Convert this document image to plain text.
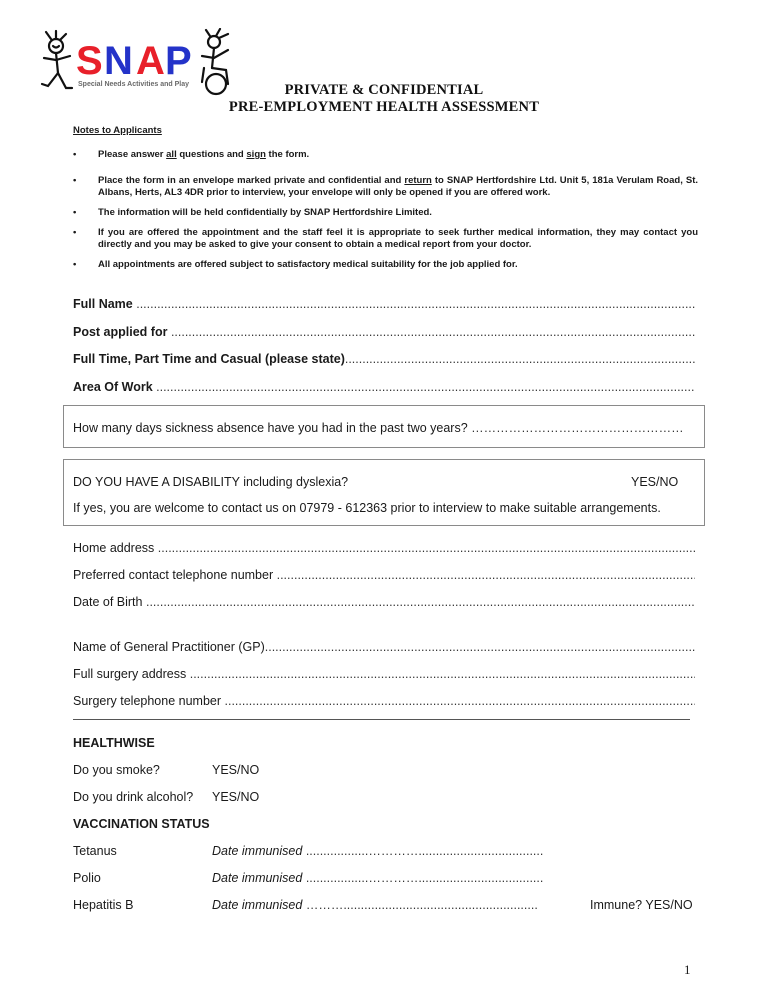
S N A P
Special Needs Activities and Play	PRIVATE & CONFIDENTIAL
PRE-EMPLOYMENT HEALTH ASSESSMENT
Notes to Applicants
• Please answer all questions and sign the form.
• Place the form in an envelope marked private and confidential and return to SNAP Hertfordshire Ltd. Unit 5, 181a Verulam Road, St. Albans, Herts, AL3 4DR prior to interview, your envelope will only be opened if you are offered work.
• The information will be held confidentially by SNAP Hertfordshire Limited.
• If you are offered the appointment and the staff feel it is appropriate to seek further medical information, they may contact you directly and you may be asked to give your consent to obtain a medical report from your doctor.
• All appointments are offered subject to satisfactory medical suitability for the job applied for.
Full Name .....
Post applied for .....
Full Time, Part Time and Casual (please state) .....
Area Of Work .....
How many days sickness absence have you had in the past two years? ……………………………………………
DO YOU HAVE A DISABILITY including dyslexia?	YES/NO
If yes, you are welcome to contact us on 07979 - 612363 prior to interview to make suitable arrangements.
Home address .....
Preferred contact telephone number .....
Date of Birth .....
Name of General Practitioner (GP) .....
Full surgery address .....
Surgery telephone number .....
HEALTHWISE
Do you smoke?	YES/NO
Do you drink alcohol? YES/NO
VACCINATION STATUS
Tetanus	Date immunised ..................…………....................................
Polio	Date immunised ..................…………....................................
Hepatitis B	Date immunised ………........................................................	Immune? YES/NO
1
